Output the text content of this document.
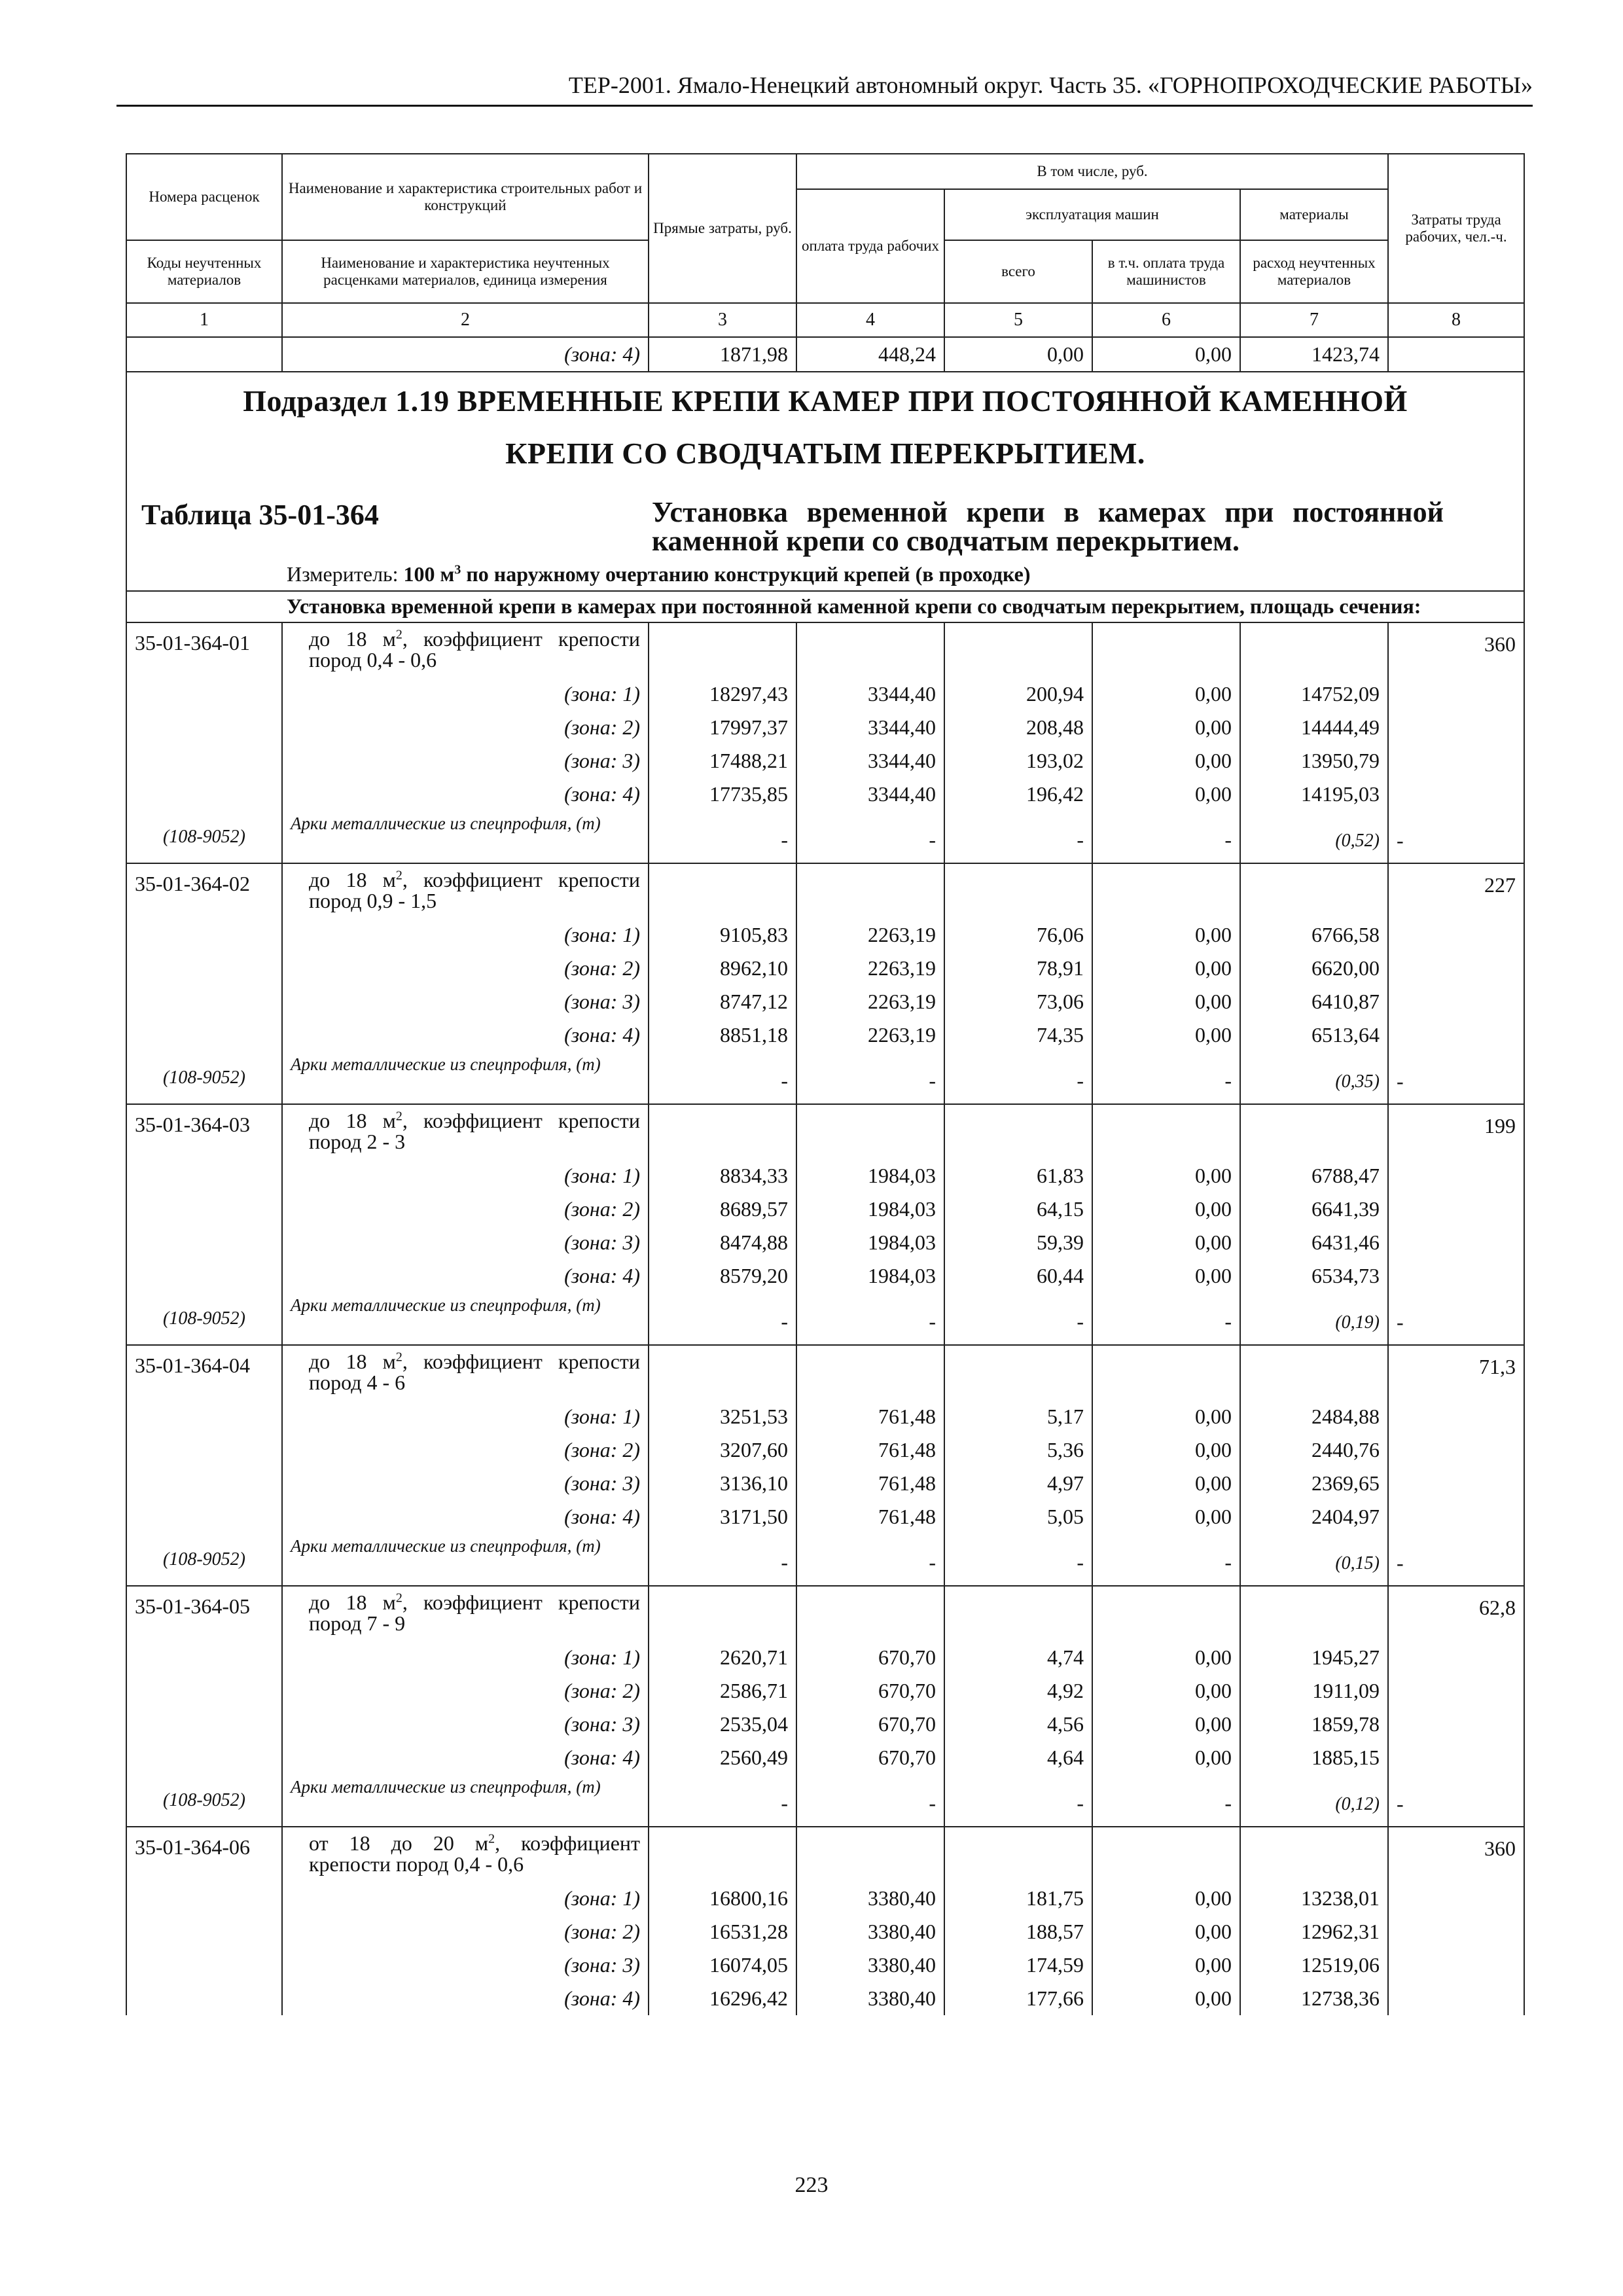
ТЕР-2001. Ямало-Ненецкий автономный округ. Часть 35. «ГОРНОПРОХОДЧЕСКИЕ РАБОТЫ»
Номера расценок	Наименование и характеристика строительных работ и конструкций	Прямые затраты, руб.	В том числе, руб.				Затраты труда рабочих, чел.-ч.
			оплата труда рабочих	эксплуатация машин		материалы	
Коды неучтенных материалов	Наименование и характеристика неучтенных расценками материалов, единица измерения			всего	в т.ч. оплата труда машинистов	расход неучтенных материалов	
1	2	3	4	5	6	7	8
	(зона: 4)	1871,98	448,24	0,00	0,00	1423,74	

Подраздел 1.19 ВРЕМЕННЫЕ КРЕПИ КАМЕР ПРИ ПОСТОЯННОЙ КАМЕННОЙ
КРЕПИ СО СВОДЧАТЫМ ПЕРЕКРЫТИЕМ.
Таблица 35-01-364 Установка временной крепи в камерах при постоянной каменной крепи со сводчатым перекрытием.
Измеритель: 100 $м^3$ по наружному очертанию конструкций крепей (в проходке)							

Установка временной крепи в камерах при постоянной каменной крепи со сводчатым перекрытием, площадь сечения:							

35-01-364-01	до 18 $м^2$, коэффициент крепости пород 0,4 - 0,6						360
	(зона: 1)	18297,43	3344,40	200,94	0,00	14752,09	
	(зона: 2)	17997,37	3344,40	208,48	0,00	14444,49	
	(зона: 3)	17488,21	3344,40	193,02	0,00	13950,79	
	(зона: 4)	17735,85	3344,40	196,42	0,00	14195,03	
(108-9052)	Арки металлические из спецпрофиля, (т)	-	-	-	-	(0,52)	-
35-01-364-02	до 18 $м^2$, коэффициент крепости пород 0,9 - 1,5						227
	(зона: 1)	9105,83	2263,19	76,06	0,00	6766,58	
	(зона: 2)	8962,10	2263,19	78,91	0,00	6620,00	
	(зона: 3)	8747,12	2263,19	73,06	0,00	6410,87	
	(зона: 4)	8851,18	2263,19	74,35	0,00	6513,64	
(108-9052)	Арки металлические из спецпрофиля, (т)	-	-	-	-	(0,35)	-
35-01-364-03	до 18 $м^2$, коэффициент крепости пород 2 - 3						199
	(зона: 1)	8834,33	1984,03	61,83	0,00	6788,47	
	(зона: 2)	8689,57	1984,03	64,15	0,00	6641,39	
	(зона: 3)	8474,88	1984,03	59,39	0,00	6431,46	
	(зона: 4)	8579,20	1984,03	60,44	0,00	6534,73	
(108-9052)	Арки металлические из спецпрофиля, (т)	-	-	-	-	(0,19)	-
35-01-364-04	до 18 $м^2$, коэффициент крепости пород 4 - 6						71,3
	(зона: 1)	3251,53	761,48	5,17	0,00	2484,88	
	(зона: 2)	3207,60	761,48	5,36	0,00	2440,76	
	(зона: 3)	3136,10	761,48	4,97	0,00	2369,65	
	(зона: 4)	3171,50	761,48	5,05	0,00	2404,97	
(108-9052)	Арки металлические из спецпрофиля, (т)	-	-	-	-	(0,15)	-
35-01-364-05	до 18 $м^2$, коэффициент крепости пород 7 - 9						62,8
	(зона: 1)	2620,71	670,70	4,74	0,00	1945,27	
	(зона: 2)	2586,71	670,70	4,92	0,00	1911,09	
	(зона: 3)	2535,04	670,70	4,56	0,00	1859,78	
	(зона: 4)	2560,49	670,70	4,64	0,00	1885,15	
(108-9052)	Арки металлические из спецпрофиля, (т)	-	-	-	-	(0,12)	-
35-01-364-06	от 18 до 20 $м^2$, коэффициент крепости пород 0,4 - 0,6						360
	(зона: 1)	16800,16	3380,40	181,75	0,00	13238,01	
	(зона: 2)	16531,28	3380,40	188,57	0,00	12962,31	
	(зона: 3)	16074,05	3380,40	174,59	0,00	12519,06	
	(зона: 4)	16296,42	3380,40	177,66	0,00	12738,36	
223
